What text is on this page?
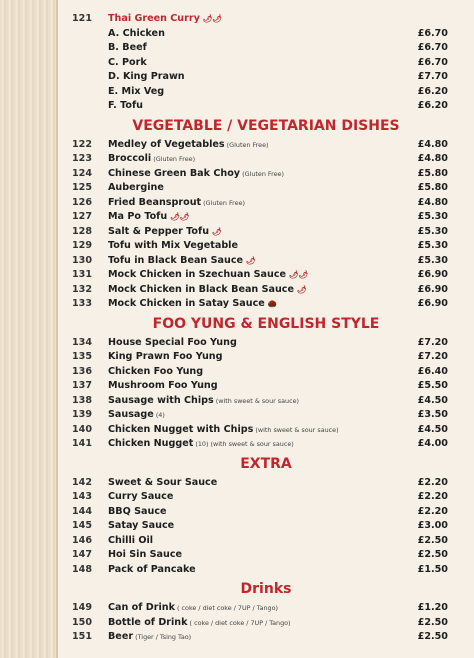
121 Thai Green Curry 🌶🌶
A. Chicken	£6.70
B. Beef	£6.70
C. Pork	£6.70
D. King Prawn	£7.70
E. Mix Veg	£6.20
F. Tofu	£6.20
VEGETABLE / VEGETARIAN DISHES
122 Medley of Vegetables (Gluten Free)	£4.80
123 Broccoli (Gluten Free)	£4.80
124 Chinese Green Bak Choy (Gluten Free)	£5.80
125 Aubergine	£5.80
126 Fried Beansprout (Gluten Free)	£4.80
127 Ma Po Tofu 🌶🌶	£5.30
128 Salt & Pepper Tofu 🌶	£5.30
129 Tofu with Mix Vegetable	£5.30
130 Tofu in Black Bean Sauce 🌶	£5.30
131 Mock Chicken in Szechuan Sauce 🌶🌶	£6.90
132 Mock Chicken in Black Bean Sauce 🌶	£6.90
133 Mock Chicken in Satay Sauce 🌰	£6.90
FOO YUNG & ENGLISH STYLE
134 House Special Foo Yung	£7.20
135 King Prawn Foo Yung	£7.20
136 Chicken Foo Yung	£6.40
137 Mushroom Foo Yung	£5.50
138 Sausage with Chips (with sweet & sour sauce)	£4.50
139 Sausage (4)	£3.50
140 Chicken Nugget with Chips (with sweet & sour sauce)	£4.50
141 Chicken Nugget (10) (with sweet & sour sauce)	£4.00
EXTRA
142 Sweet & Sour Sauce	£2.20
143 Curry Sauce	£2.20
144 BBQ Sauce	£2.20
145 Satay Sauce	£3.00
146 Chilli Oil	£2.50
147 Hoi Sin Sauce	£2.50
148 Pack of Pancake	£1.50
Drinks
149 Can of Drink ( coke / diet coke / 7UP / Tango)	£1.20
150 Bottle of Drink ( coke / diet coke / 7UP / Tango)	£2.50
151 Beer (Tiger / Tsing Tao)	£2.50
